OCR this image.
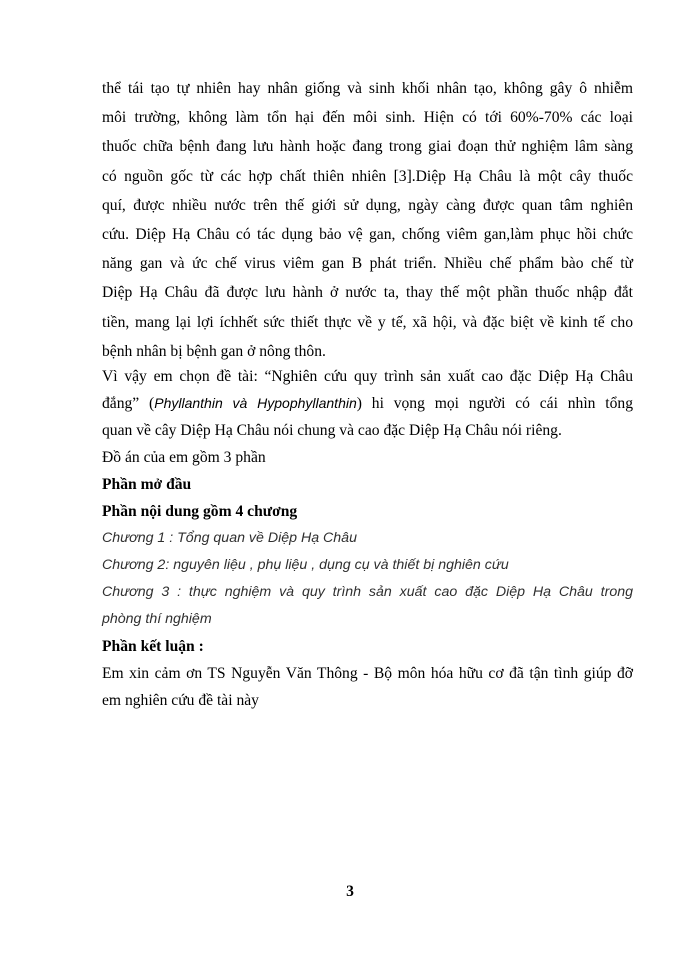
thể tái tạo tự nhiên hay nhân giống và sinh khối nhân tạo, không gây ô nhiễm
môi trường, không làm tổn hại đến môi sinh. Hiện có tới 60%-70% các loại
thuốc chữa bệnh đang lưu hành hoặc đang trong giai đoạn thử nghiệm lâm sàng
có nguồn gốc từ các hợp chất thiên nhiên [3].Diệp Hạ Châu là một cây thuốc
quí, được nhiều nước trên thế giới sử dụng, ngày càng được quan tâm nghiên
cứu. Diệp Hạ Châu có tác dụng bảo vệ gan, chống viêm gan,làm phục hồi chức
năng gan và ức chế virus viêm gan B phát triển. Nhiều chế phẩm bào chế từ
Diệp Hạ Châu đã được lưu hành ở nước ta, thay thế một phần thuốc nhập đắt
tiền, mang lại lợi íchhết sức thiết thực về y tế, xã hội, và đặc biệt về kinh tế cho
bệnh nhân bị bệnh gan ở nông thôn.
Vì vậy em chọn đề tài: “Nghiên cứu quy trình sản xuất cao đặc Diệp Hạ Châu
đắng” (Phyllanthin và Hypophyllanthin) hi vọng mọi người có cái nhìn tổng
quan về cây Diệp Hạ Châu nói chung và cao đặc Diệp Hạ Châu nói riêng.

Đồ án của em gồm 3 phần

Phần mở đầu

Phần nội dung gồm 4 chương

Chương 1 : Tổng quan về Diệp Hạ Châu

Chương 2: nguyên liệu , phụ liệu , dụng cụ và thiết bị nghiên cứu

Chương 3 : thực nghiệm và quy trình sản xuất cao đặc Diệp Hạ Châu trong

phòng thí nghiệm

Phần kết luận :

Em xin cảm ơn TS Nguyễn Văn Thông - Bộ môn hóa hữu cơ đã tận tình giúp đỡ

em nghiên cứu đề tài này

3
